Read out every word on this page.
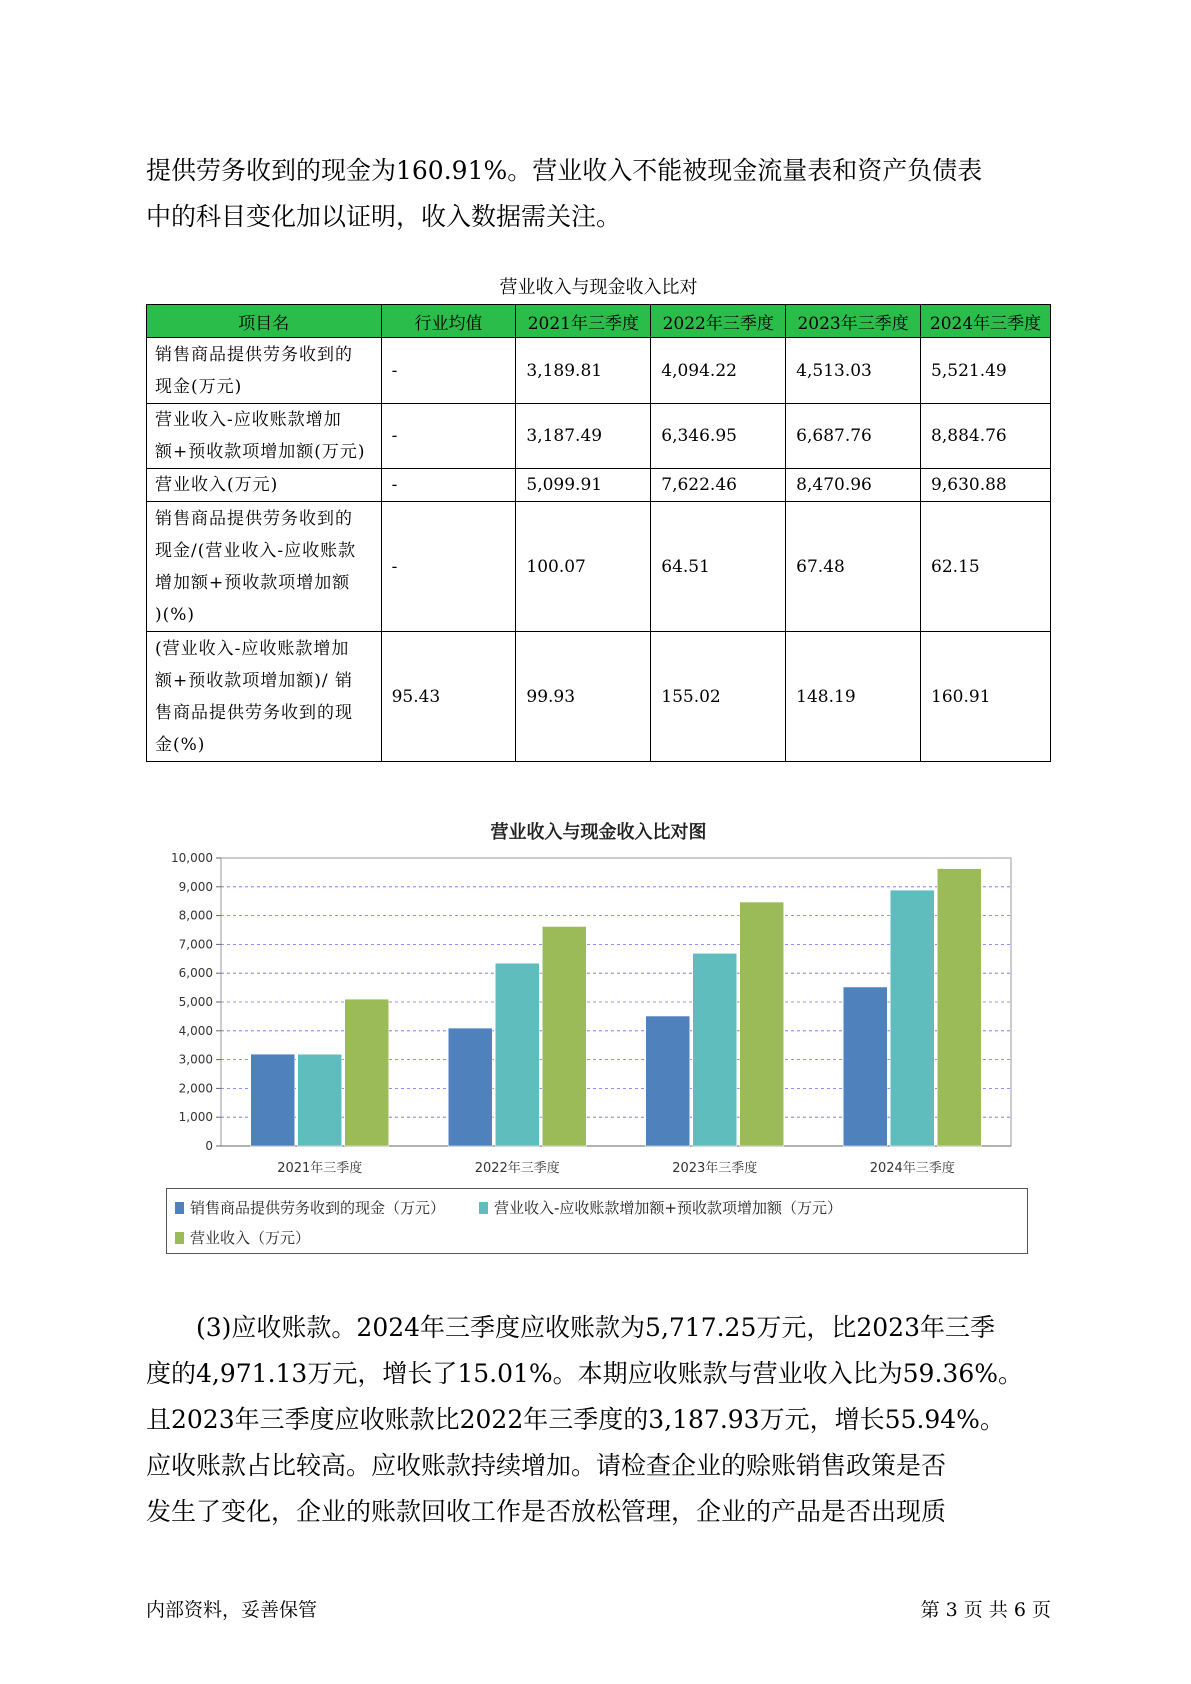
提供劳务收到的现金为160.91%。营业收入不能被现金流量表和资产负债表
中的科目变化加以证明，收入数据需关注。
营业收入与现金收入比对
项目名	行业均值	2021年三季度	2022年三季度	2023年三季度	2024年三季度

销售商品提供劳务收到的
现金(万元)	-	3,189.81	4,094.22	4,513.03	5,521.49

营业收入-应收账款增加
额+预收款项增加额(万元)	-	3,187.49	6,346.95	6,687.76	8,884.76

营业收入(万元)	-	5,099.91	7,622.46	8,470.96	9,630.88

销售商品提供劳务收到的
现金/(营业收入-应收账款
增加额+预收款项增加额
)(%)	-	100.07	64.51	67.48	62.15

(营业收入-应收账款增加
额+预收款项增加额)/ 销
售商品提供劳务收到的现
金(%)	95.43	99.93	155.02	148.19	160.91
营业收入与现金收入比对图
0
1,000
2,000
3,000
4,000
5,000
6,000
7,000
8,000
9,000
10,000
2021年三季度	2022年三季度	2023年三季度	2024年三季度
销售商品提供劳务收到的现金（万元）	营业收入-应收账款增加额+预收款项增加额（万元）
营业收入（万元）
(3)应收账款。2024年三季度应收账款为5,717.25万元，比2023年三季
度的4,971.13万元，增长了15.01%。本期应收账款与营业收入比为59.36%。
且2023年三季度应收账款比2022年三季度的3,187.93万元，增长55.94%。
应收账款占比较高。应收账款持续增加。请检查企业的赊账销售政策是否
发生了变化，企业的账款回收工作是否放松管理，企业的产品是否出现质
内部资料，妥善保管	第 3 页 共 6 页
